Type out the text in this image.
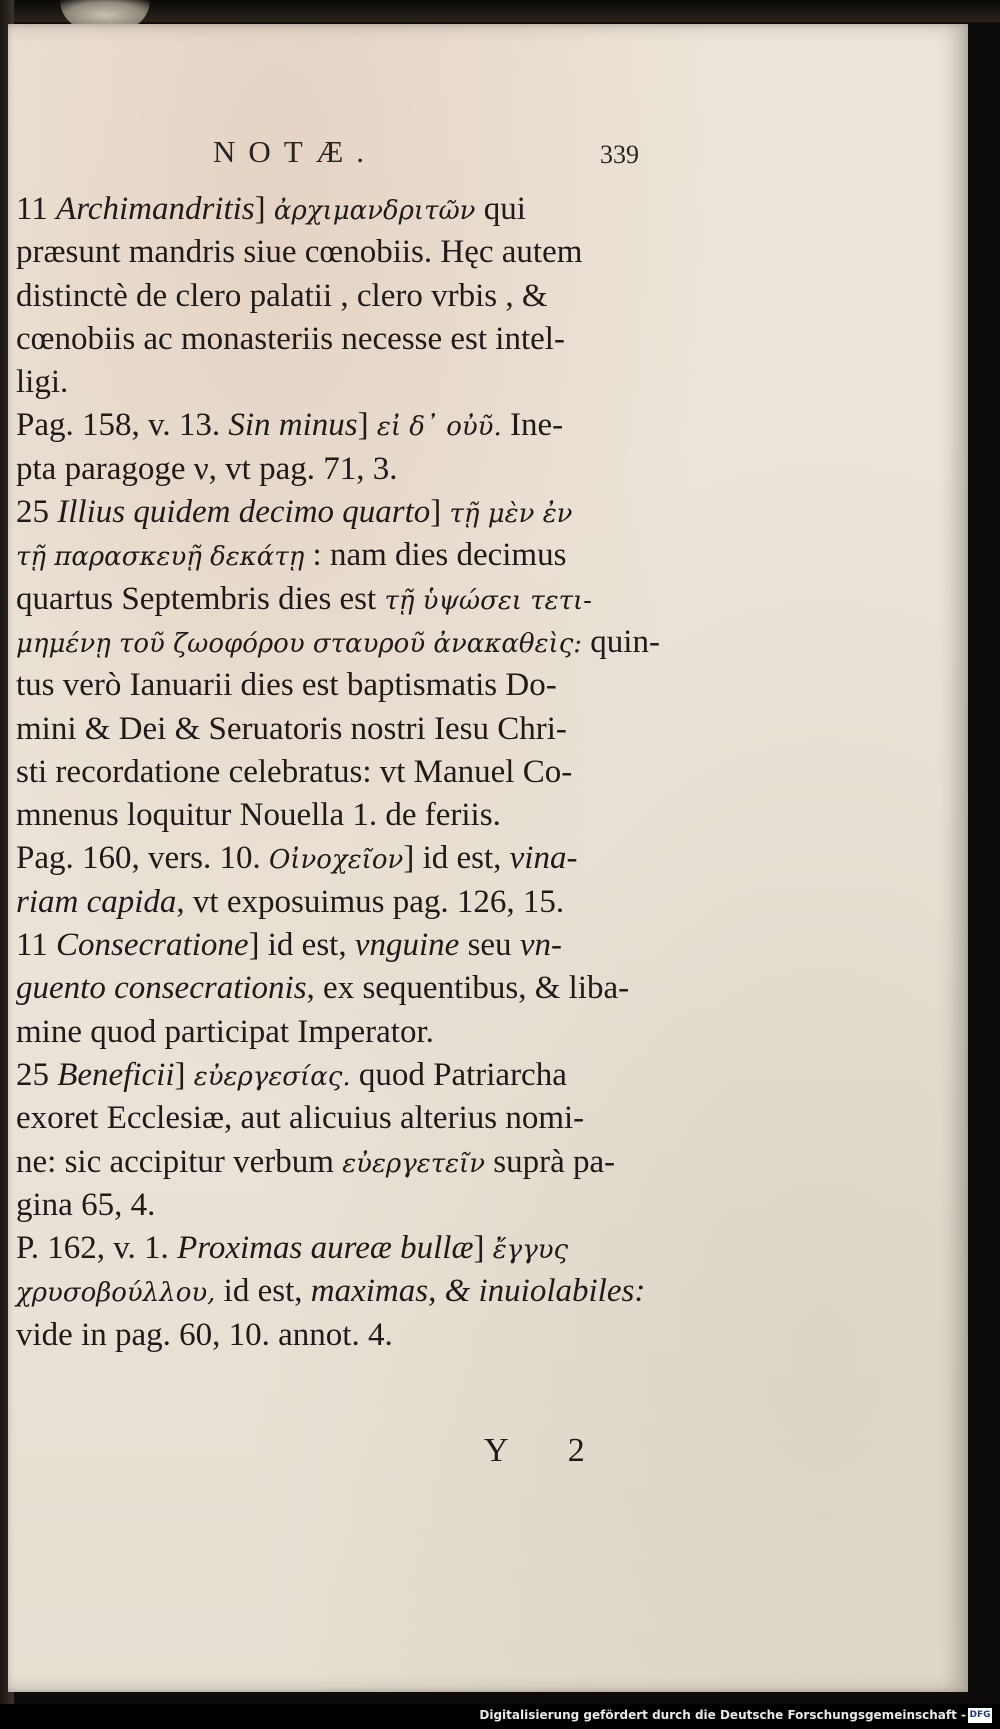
NOTÆ.	339
11 Archimandritis] ἀρχιμανδριτῶν qui
præsunt mandris siue cœnobiis. Hęc autem
distinctè de clero palatii , clero vrbis , &
cœnobiis ac monasteriis necesse est intel-
ligi.
Pag. 158, v. 13. Sin minus] εἰ δ᾽ οὐῦ. Ine-
pta paragoge ν, vt pag. 71, 3.
25 Illius quidem decimo quarto] τῇ μὲν ἐν
τῇ παρασκευῇ δεκάτῃ : nam dies decimus
quartus Septembris dies est τῇ ὑψώσει τετι-
μημένῃ τοῦ ζωοφόρου σταυροῦ ἀνακαθεὶς: quin-
tus verò Ianuarii dies est baptismatis Do-
mini & Dei & Seruatoris nostri Iesu Chri-
sti recordatione celebratus: vt Manuel Co-
mnenus loquitur Nouella 1. de feriis.
Pag. 160, vers. 10. Οἰνοχεῖον] id est, vina-
riam capida, vt exposuimus pag. 126, 15.
11 Consecratione] id est, vnguine seu vn-
guento consecrationis, ex sequentibus, & liba-
mine quod participat Imperator.
25 Beneficii] εὐεργεσίας. quod Patriarcha
exoret Ecclesiæ, aut alicuius alterius nomi-
ne: sic accipitur verbum εὐεργετεῖν suprà pa-
gina 65, 4.
P. 162, v. 1. Proximas aureæ bullæ] ἔγγυς
χρυσοβούλλου, id est, maximas, & inuiolabiles:
vide in pag. 60, 10. annot. 4.
Y 2
Digitalisierung gefördert durch die Deutsche Forschungsgemeinschaft - DFG
